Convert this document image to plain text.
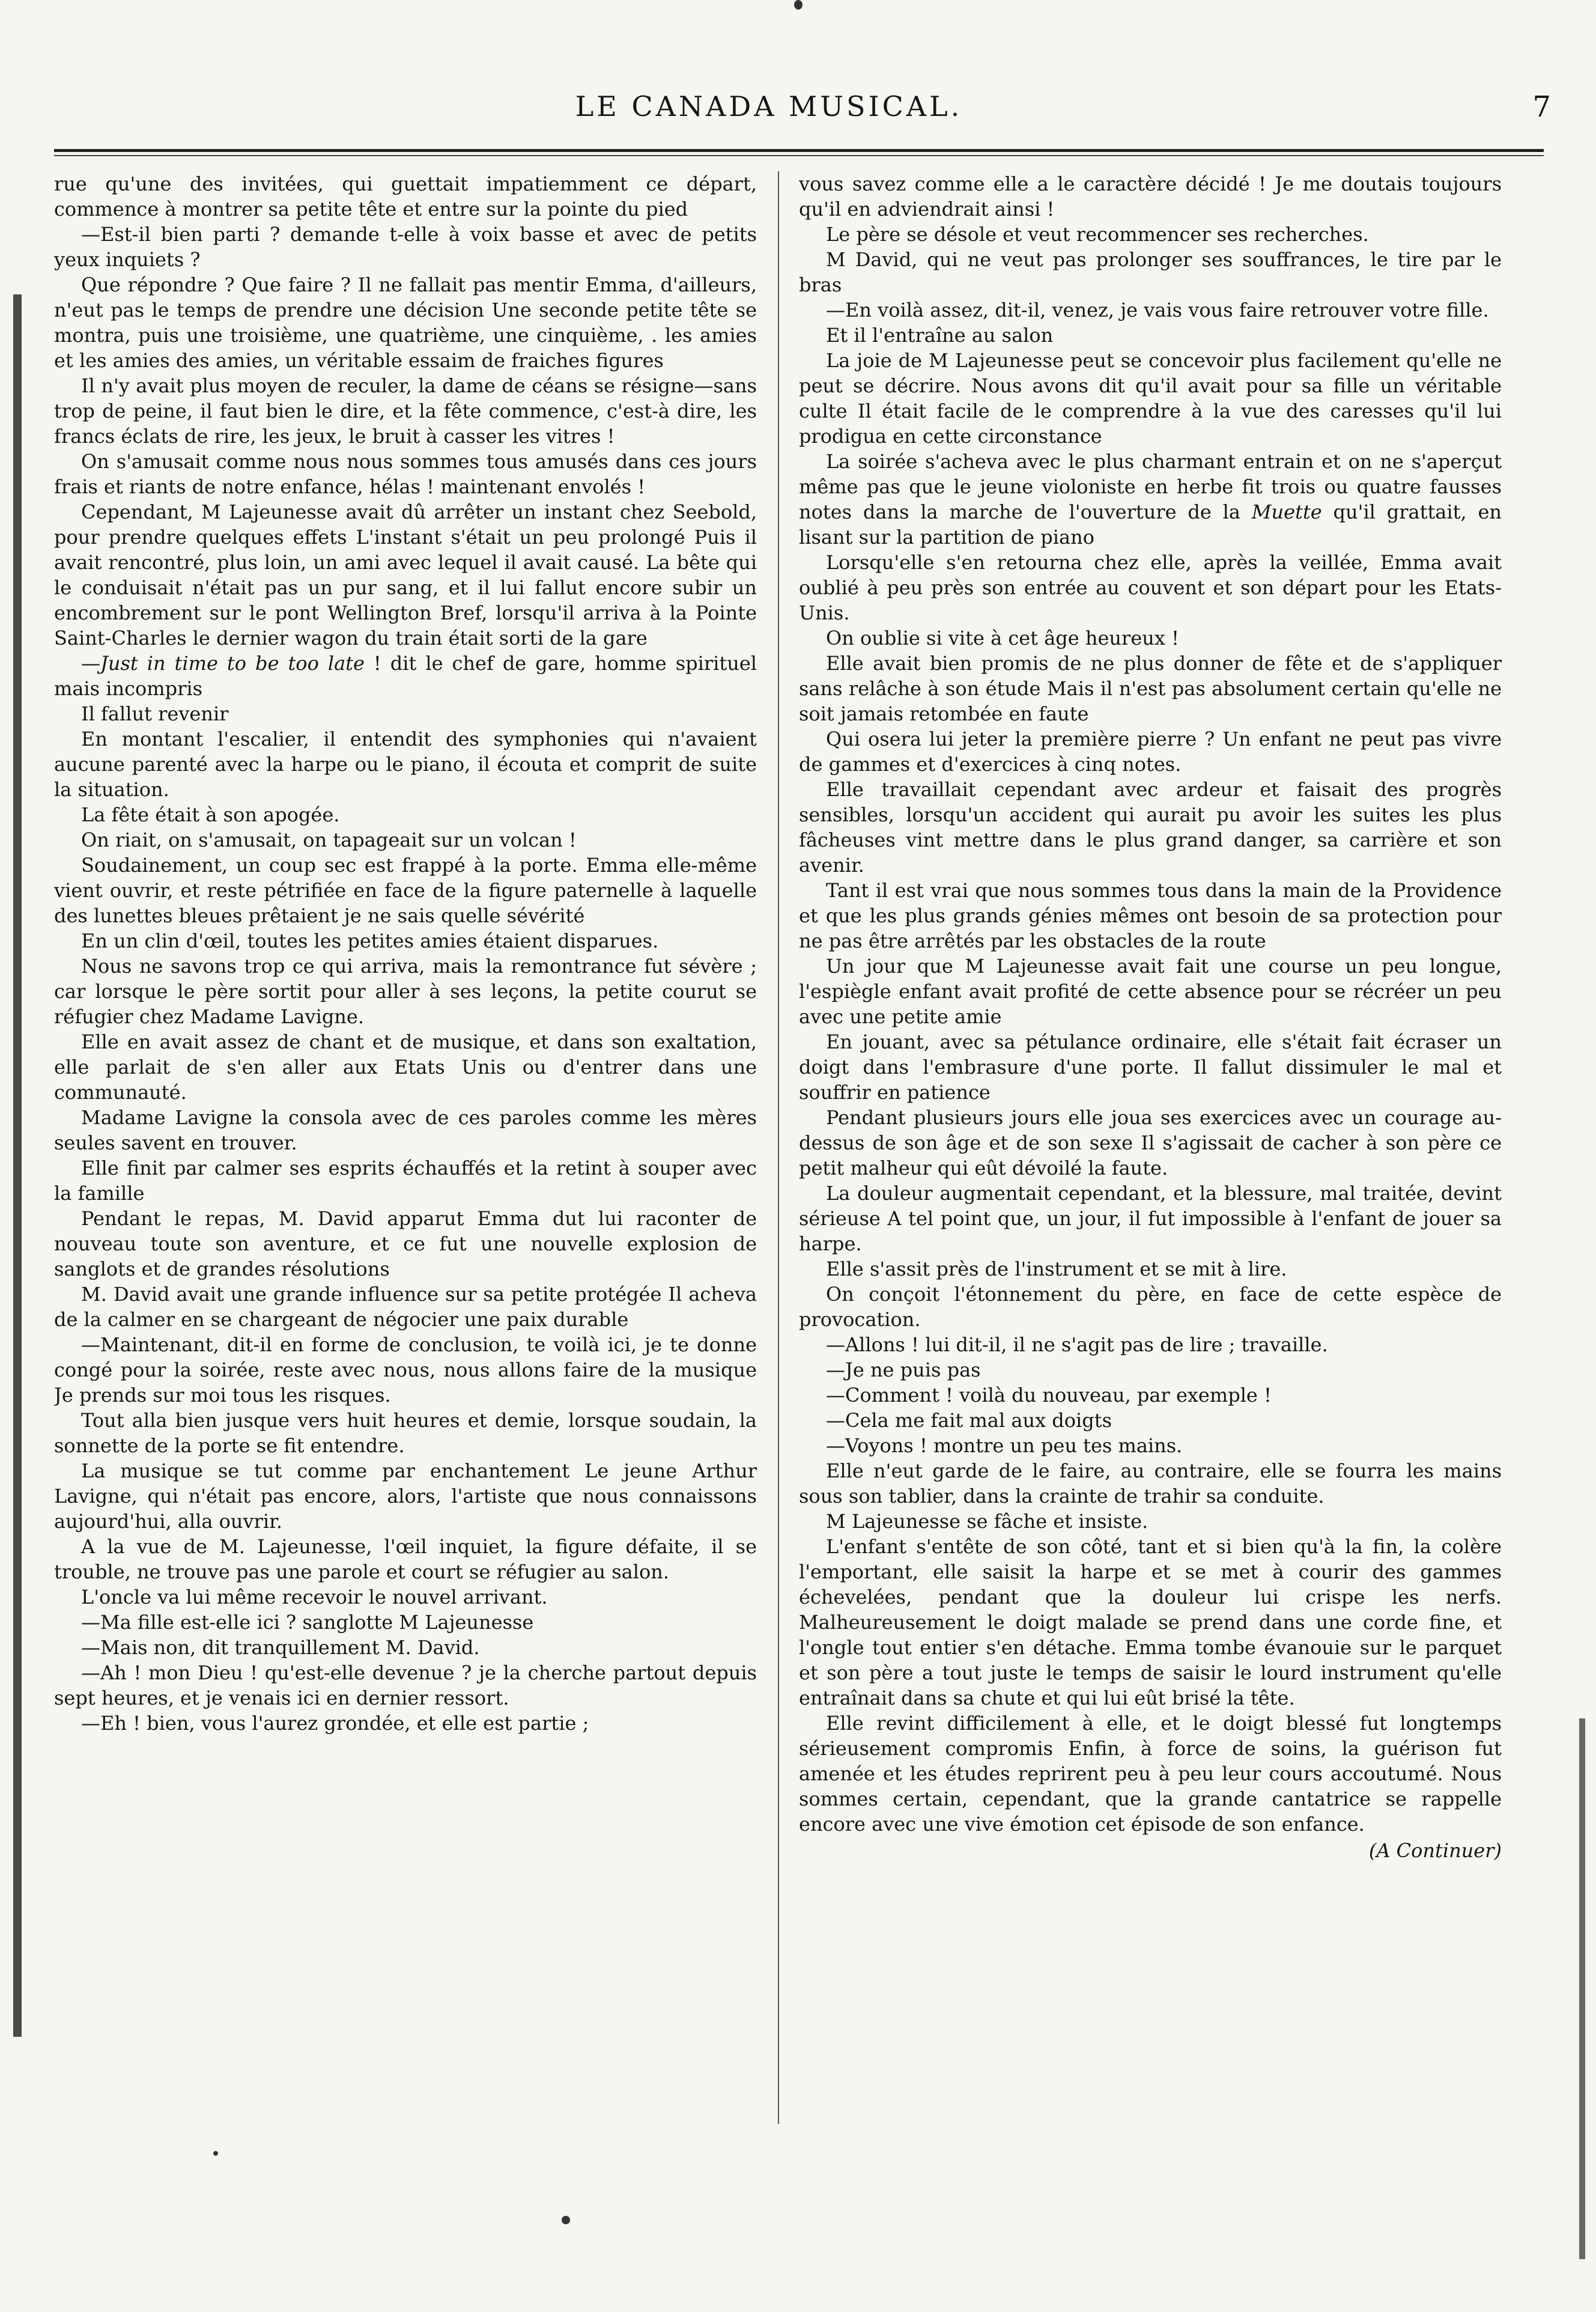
LE CANADA MUSICAL.	7

rue qu'une des invitées, qui guettait impatiemment ce départ, commence à montrer sa petite tête et entre sur la pointe du pied

—Est-il bien parti ? demande t-elle à voix basse et avec de petits yeux inquiets ?

Que répondre ? Que faire ? Il ne fallait pas mentir Emma, d'ailleurs, n'eut pas le temps de prendre une décision Une seconde petite tête se montra, puis une troisième, une quatrième, une cinquième, . les amies et les amies des amies, un véritable essaim de fraiches figures

Il n'y avait plus moyen de reculer, la dame de céans se résigne—sans trop de peine, il faut bien le dire, et la fête commence, c'est-à dire, les francs éclats de rire, les jeux, le bruit à casser les vitres !

On s'amusait comme nous nous sommes tous amusés dans ces jours frais et riants de notre enfance, hélas ! maintenant envolés !

Cependant, M Lajeunesse avait dû arrêter un instant chez Seebold, pour prendre quelques effets L'instant s'était un peu prolongé Puis il avait rencontré, plus loin, un ami avec lequel il avait causé. La bête qui le conduisait n'était pas un pur sang, et il lui fallut encore subir un encombrement sur le pont Wellington Bref, lorsqu'il arriva à la Pointe Saint-Charles le dernier wagon du train était sorti de la gare

—Just in time to be too late ! dit le chef de gare, homme spirituel mais incompris

Il fallut revenir

En montant l'escalier, il entendit des symphonies qui n'avaient aucune parenté avec la harpe ou le piano, il écouta et comprit de suite la situation.

La fête était à son apogée.

On riait, on s'amusait, on tapageait sur un volcan !

Soudainement, un coup sec est frappé à la porte. Emma elle-même vient ouvrir, et reste pétrifiée en face de la figure paternelle à laquelle des lunettes bleues prêtaient je ne sais quelle sévérité

En un clin d'œil, toutes les petites amies étaient disparues.

Nous ne savons trop ce qui arriva, mais la remontrance fut sévère ; car lorsque le père sortit pour aller à ses leçons, la petite courut se réfugier chez Madame Lavigne.

Elle en avait assez de chant et de musique, et dans son exaltation, elle parlait de s'en aller aux Etats Unis ou d'entrer dans une communauté.

Madame Lavigne la consola avec de ces paroles comme les mères seules savent en trouver.

Elle finit par calmer ses esprits échauffés et la retint à souper avec la famille

Pendant le repas, M. David apparut Emma dut lui raconter de nouveau toute son aventure, et ce fut une nouvelle explosion de sanglots et de grandes résolutions

M. David avait une grande influence sur sa petite protégée Il acheva de la calmer en se chargeant de négocier une paix durable

—Maintenant, dit-il en forme de conclusion, te voilà ici, je te donne congé pour la soirée, reste avec nous, nous allons faire de la musique Je prends sur moi tous les risques.

Tout alla bien jusque vers huit heures et demie, lorsque soudain, la sonnette de la porte se fit entendre.

La musique se tut comme par enchantement Le jeune Arthur Lavigne, qui n'était pas encore, alors, l'artiste que nous connaissons aujourd'hui, alla ouvrir.

A la vue de M. Lajeunesse, l'œil inquiet, la figure défaite, il se trouble, ne trouve pas une parole et court se réfugier au salon.

L'oncle va lui même recevoir le nouvel arrivant.

—Ma fille est-elle ici ? sanglotte M Lajeunesse

—Mais non, dit tranquillement M. David.

—Ah ! mon Dieu ! qu'est-elle devenue ? je la cherche partout depuis sept heures, et je venais ici en dernier ressort.

—Eh ! bien, vous l'aurez grondée, et elle est partie ;

vous savez comme elle a le caractère décidé ! Je me doutais toujours qu'il en adviendrait ainsi !

Le père se désole et veut recommencer ses recherches.

M David, qui ne veut pas prolonger ses souffrances, le tire par le bras

—En voilà assez, dit-il, venez, je vais vous faire retrouver votre fille.

Et il l'entraîne au salon

La joie de M Lajeunesse peut se concevoir plus facilement qu'elle ne peut se décrire. Nous avons dit qu'il avait pour sa fille un véritable culte Il était facile de le comprendre à la vue des caresses qu'il lui prodigua en cette circonstance

La soirée s'acheva avec le plus charmant entrain et on ne s'aperçut même pas que le jeune violoniste en herbe fit trois ou quatre fausses notes dans la marche de l'ouverture de la Muette qu'il grattait, en lisant sur la partition de piano

Lorsqu'elle s'en retourna chez elle, après la veillée, Emma avait oublié à peu près son entrée au couvent et son départ pour les Etats-Unis.

On oublie si vite à cet âge heureux !

Elle avait bien promis de ne plus donner de fête et de s'appliquer sans relâche à son étude Mais il n'est pas absolument certain qu'elle ne soit jamais retombée en faute

Qui osera lui jeter la première pierre ? Un enfant ne peut pas vivre de gammes et d'exercices à cinq notes.

Elle travaillait cependant avec ardeur et faisait des progrès sensibles, lorsqu'un accident qui aurait pu avoir les suites les plus fâcheuses vint mettre dans le plus grand danger, sa carrière et son avenir.

Tant il est vrai que nous sommes tous dans la main de la Providence et que les plus grands génies mêmes ont besoin de sa protection pour ne pas être arrêtés par les obstacles de la route

Un jour que M Lajeunesse avait fait une course un peu longue, l'espiègle enfant avait profité de cette absence pour se récréer un peu avec une petite amie

En jouant, avec sa pétulance ordinaire, elle s'était fait écraser un doigt dans l'embrasure d'une porte. Il fallut dissimuler le mal et souffrir en patience

Pendant plusieurs jours elle joua ses exercices avec un courage au-dessus de son âge et de son sexe Il s'agissait de cacher à son père ce petit malheur qui eût dévoilé la faute.

La douleur augmentait cependant, et la blessure, mal traitée, devint sérieuse A tel point que, un jour, il fut impossible à l'enfant de jouer sa harpe.

Elle s'assit près de l'instrument et se mit à lire.

On conçoit l'étonnement du père, en face de cette espèce de provocation.

—Allons ! lui dit-il, il ne s'agit pas de lire ; travaille.

—Je ne puis pas

—Comment ! voilà du nouveau, par exemple !

—Cela me fait mal aux doigts

—Voyons ! montre un peu tes mains.

Elle n'eut garde de le faire, au contraire, elle se fourra les mains sous son tablier, dans la crainte de trahir sa conduite.

M Lajeunesse se fâche et insiste.

L'enfant s'entête de son côté, tant et si bien qu'à la fin, la colère l'emportant, elle saisit la harpe et se met à courir des gammes échevelées, pendant que la douleur lui crispe les nerfs. Malheureusement le doigt malade se prend dans une corde fine, et l'ongle tout entier s'en détache. Emma tombe évanouie sur le parquet et son père a tout juste le temps de saisir le lourd instrument qu'elle entraînait dans sa chute et qui lui eût brisé la tête.

Elle revint difficilement à elle, et le doigt blessé fut longtemps sérieusement compromis Enfin, à force de soins, la guérison fut amenée et les études reprirent peu à peu leur cours accoutumé. Nous sommes certain, cependant, que la grande cantatrice se rappelle encore avec une vive émotion cet épisode de son enfance.

(A Continuer)
